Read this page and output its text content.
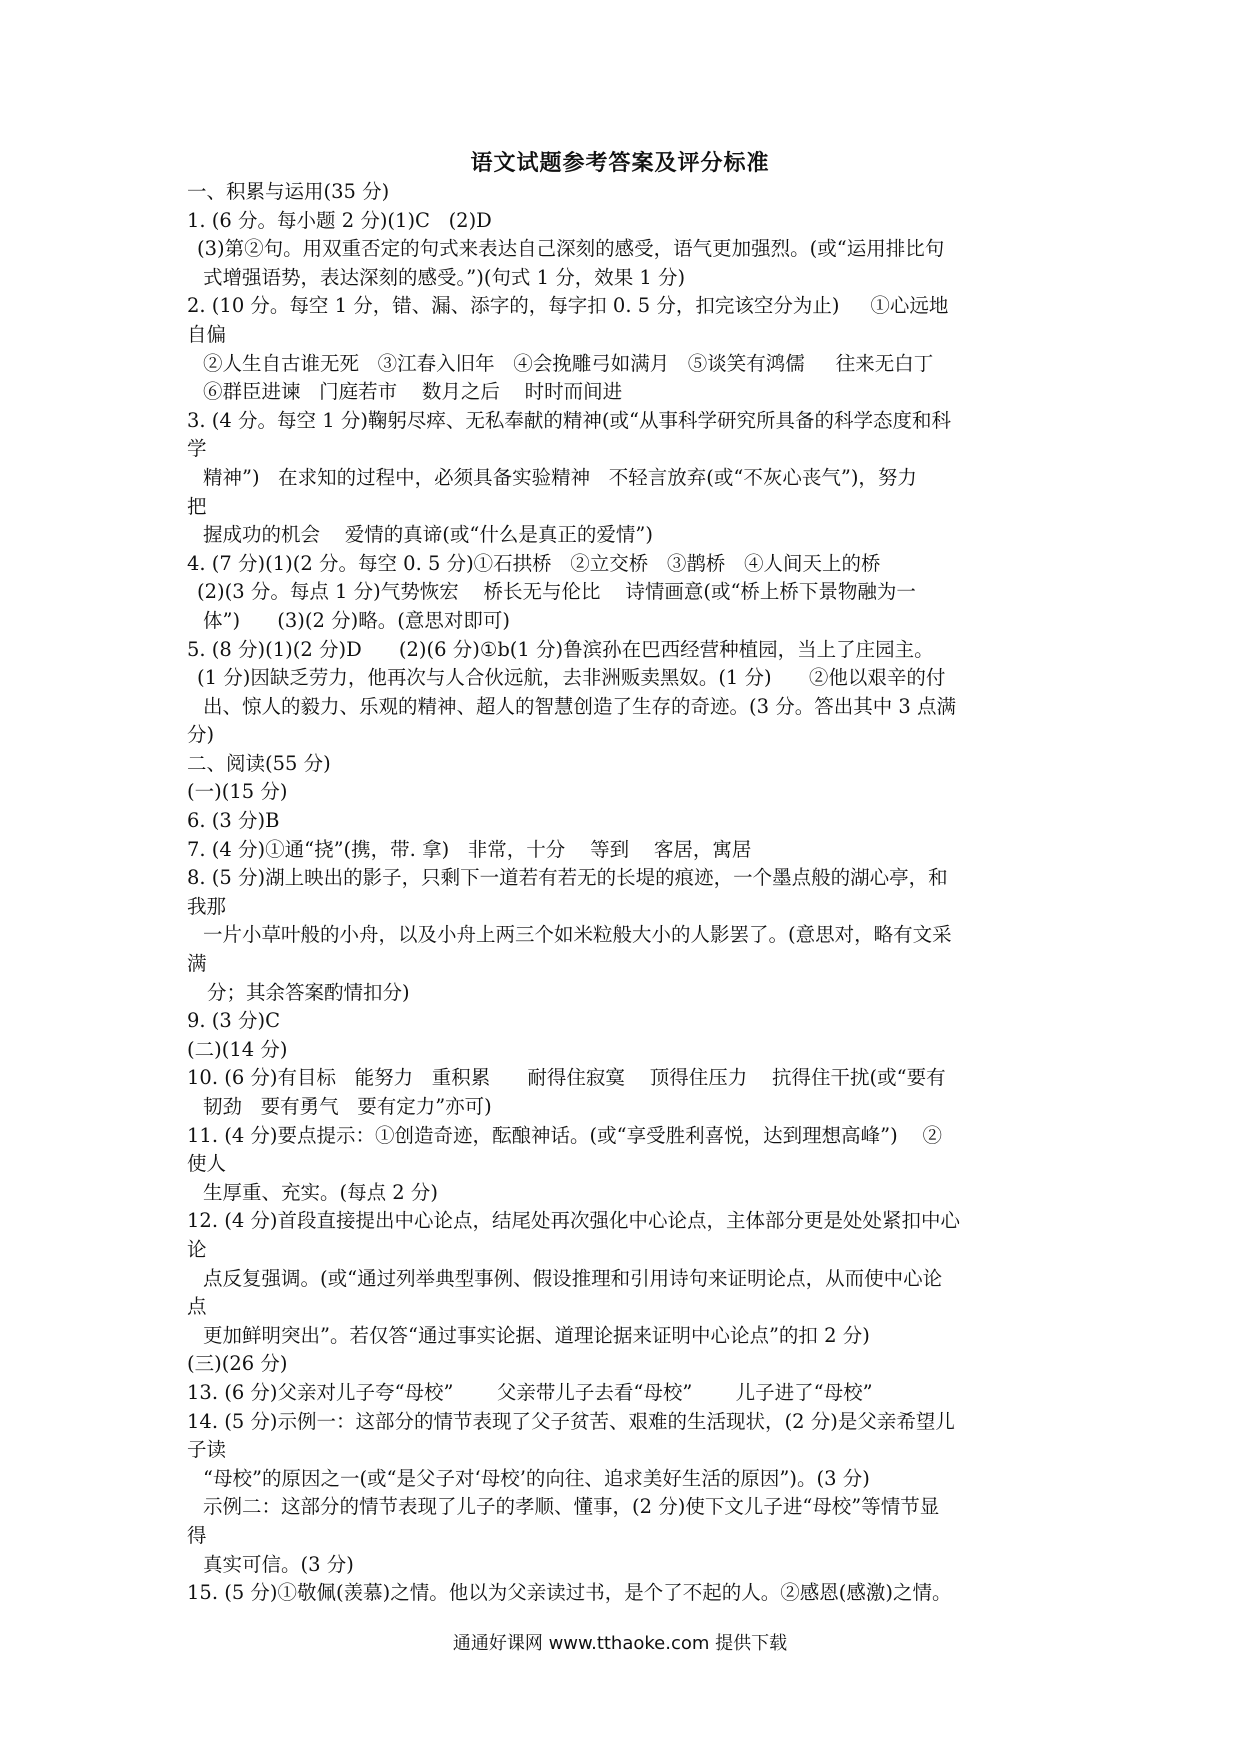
语文试题参考答案及评分标准
一、积累与运用(35 分)
1. (6 分。每小题 2 分)(1)C   (2)D
(3)第②句。用双重否定的句式来表达自己深刻的感受，语气更加强烈。(或“运用排比句
式增强语势，表达深刻的感受。”)(句式 1 分，效果 1 分)
2. (10 分。每空 1 分，错、漏、添字的，每字扣 0. 5 分，扣完该空分为止)     ①心远地
自偏
②人生自古谁无死   ③江春入旧年   ④会挽雕弓如满月   ⑤谈笑有鸿儒     往来无白丁
⑥群臣进谏   门庭若市    数月之后    时时而间进
3. (4 分。每空 1 分)鞠躬尽瘁、无私奉献的精神(或“从事科学研究所具备的科学态度和科
学
精神”)   在求知的过程中，必须具备实验精神   不轻言放弃(或“不灰心丧气”)，努力
把
握成功的机会    爱情的真谛(或“什么是真正的爱情”)
4. (7 分)(1)(2 分。每空 0. 5 分)①石拱桥   ②立交桥   ③鹊桥   ④人间天上的桥
(2)(3 分。每点 1 分)气势恢宏    桥长无与伦比    诗情画意(或“桥上桥下景物融为一
体”)      (3)(2 分)略。(意思对即可)
5. (8 分)(1)(2 分)D      (2)(6 分)①b(1 分)鲁滨孙在巴西经营种植园，当上了庄园主。
(1 分)因缺乏劳力，他再次与人合伙远航，去非洲贩卖黑奴。(1 分)      ②他以艰辛的付
出、惊人的毅力、乐观的精神、超人的智慧创造了生存的奇迹。(3 分。答出其中 3 点满
分)
二、阅读(55 分)
(一)(15 分)
6. (3 分)B
7. (4 分)①通“挠”(携，带. 拿)   非常，十分    等到    客居，寓居
8. (5 分)湖上映出的影子，只剩下一道若有若无的长堤的痕迹，一个墨点般的湖心亭，和
我那
一片小草叶般的小舟，以及小舟上两三个如米粒般大小的人影罢了。(意思对，略有文采
满
分；其余答案酌情扣分)
9. (3 分)C
(二)(14 分)
10. (6 分)有目标   能努力   重积累      耐得住寂寞    顶得住压力    抗得住干扰(或“要有
韧劲   要有勇气   要有定力”亦可)
11. (4 分)要点提示：①创造奇迹，酝酿神话。(或“享受胜利喜悦，达到理想高峰”)    ②
使人
生厚重、充实。(每点 2 分)
12. (4 分)首段直接提出中心论点，结尾处再次强化中心论点，主体部分更是处处紧扣中心
论
点反复强调。(或“通过列举典型事例、假设推理和引用诗句来证明论点，从而使中心论
点
更加鲜明突出”。若仅答“通过事实论据、道理论据来证明中心论点”的扣 2 分)
(三)(26 分)
13. (6 分)父亲对儿子夸“母校”       父亲带儿子去看“母校”       儿子进了“母校”
14. (5 分)示例一：这部分的情节表现了父子贫苦、艰难的生活现状，(2 分)是父亲希望儿
子读
“母校”的原因之一(或“是父子对‘母校’的向往、追求美好生活的原因”)。(3 分)
示例二：这部分的情节表现了儿子的孝顺、懂事，(2 分)使下文儿子进“母校”等情节显
得
真实可信。(3 分)
15. (5 分)①敬佩(羡慕)之情。他以为父亲读过书，是个了不起的人。②感恩(感激)之情。
通通好课网 www.tthaoke.com 提供下载
